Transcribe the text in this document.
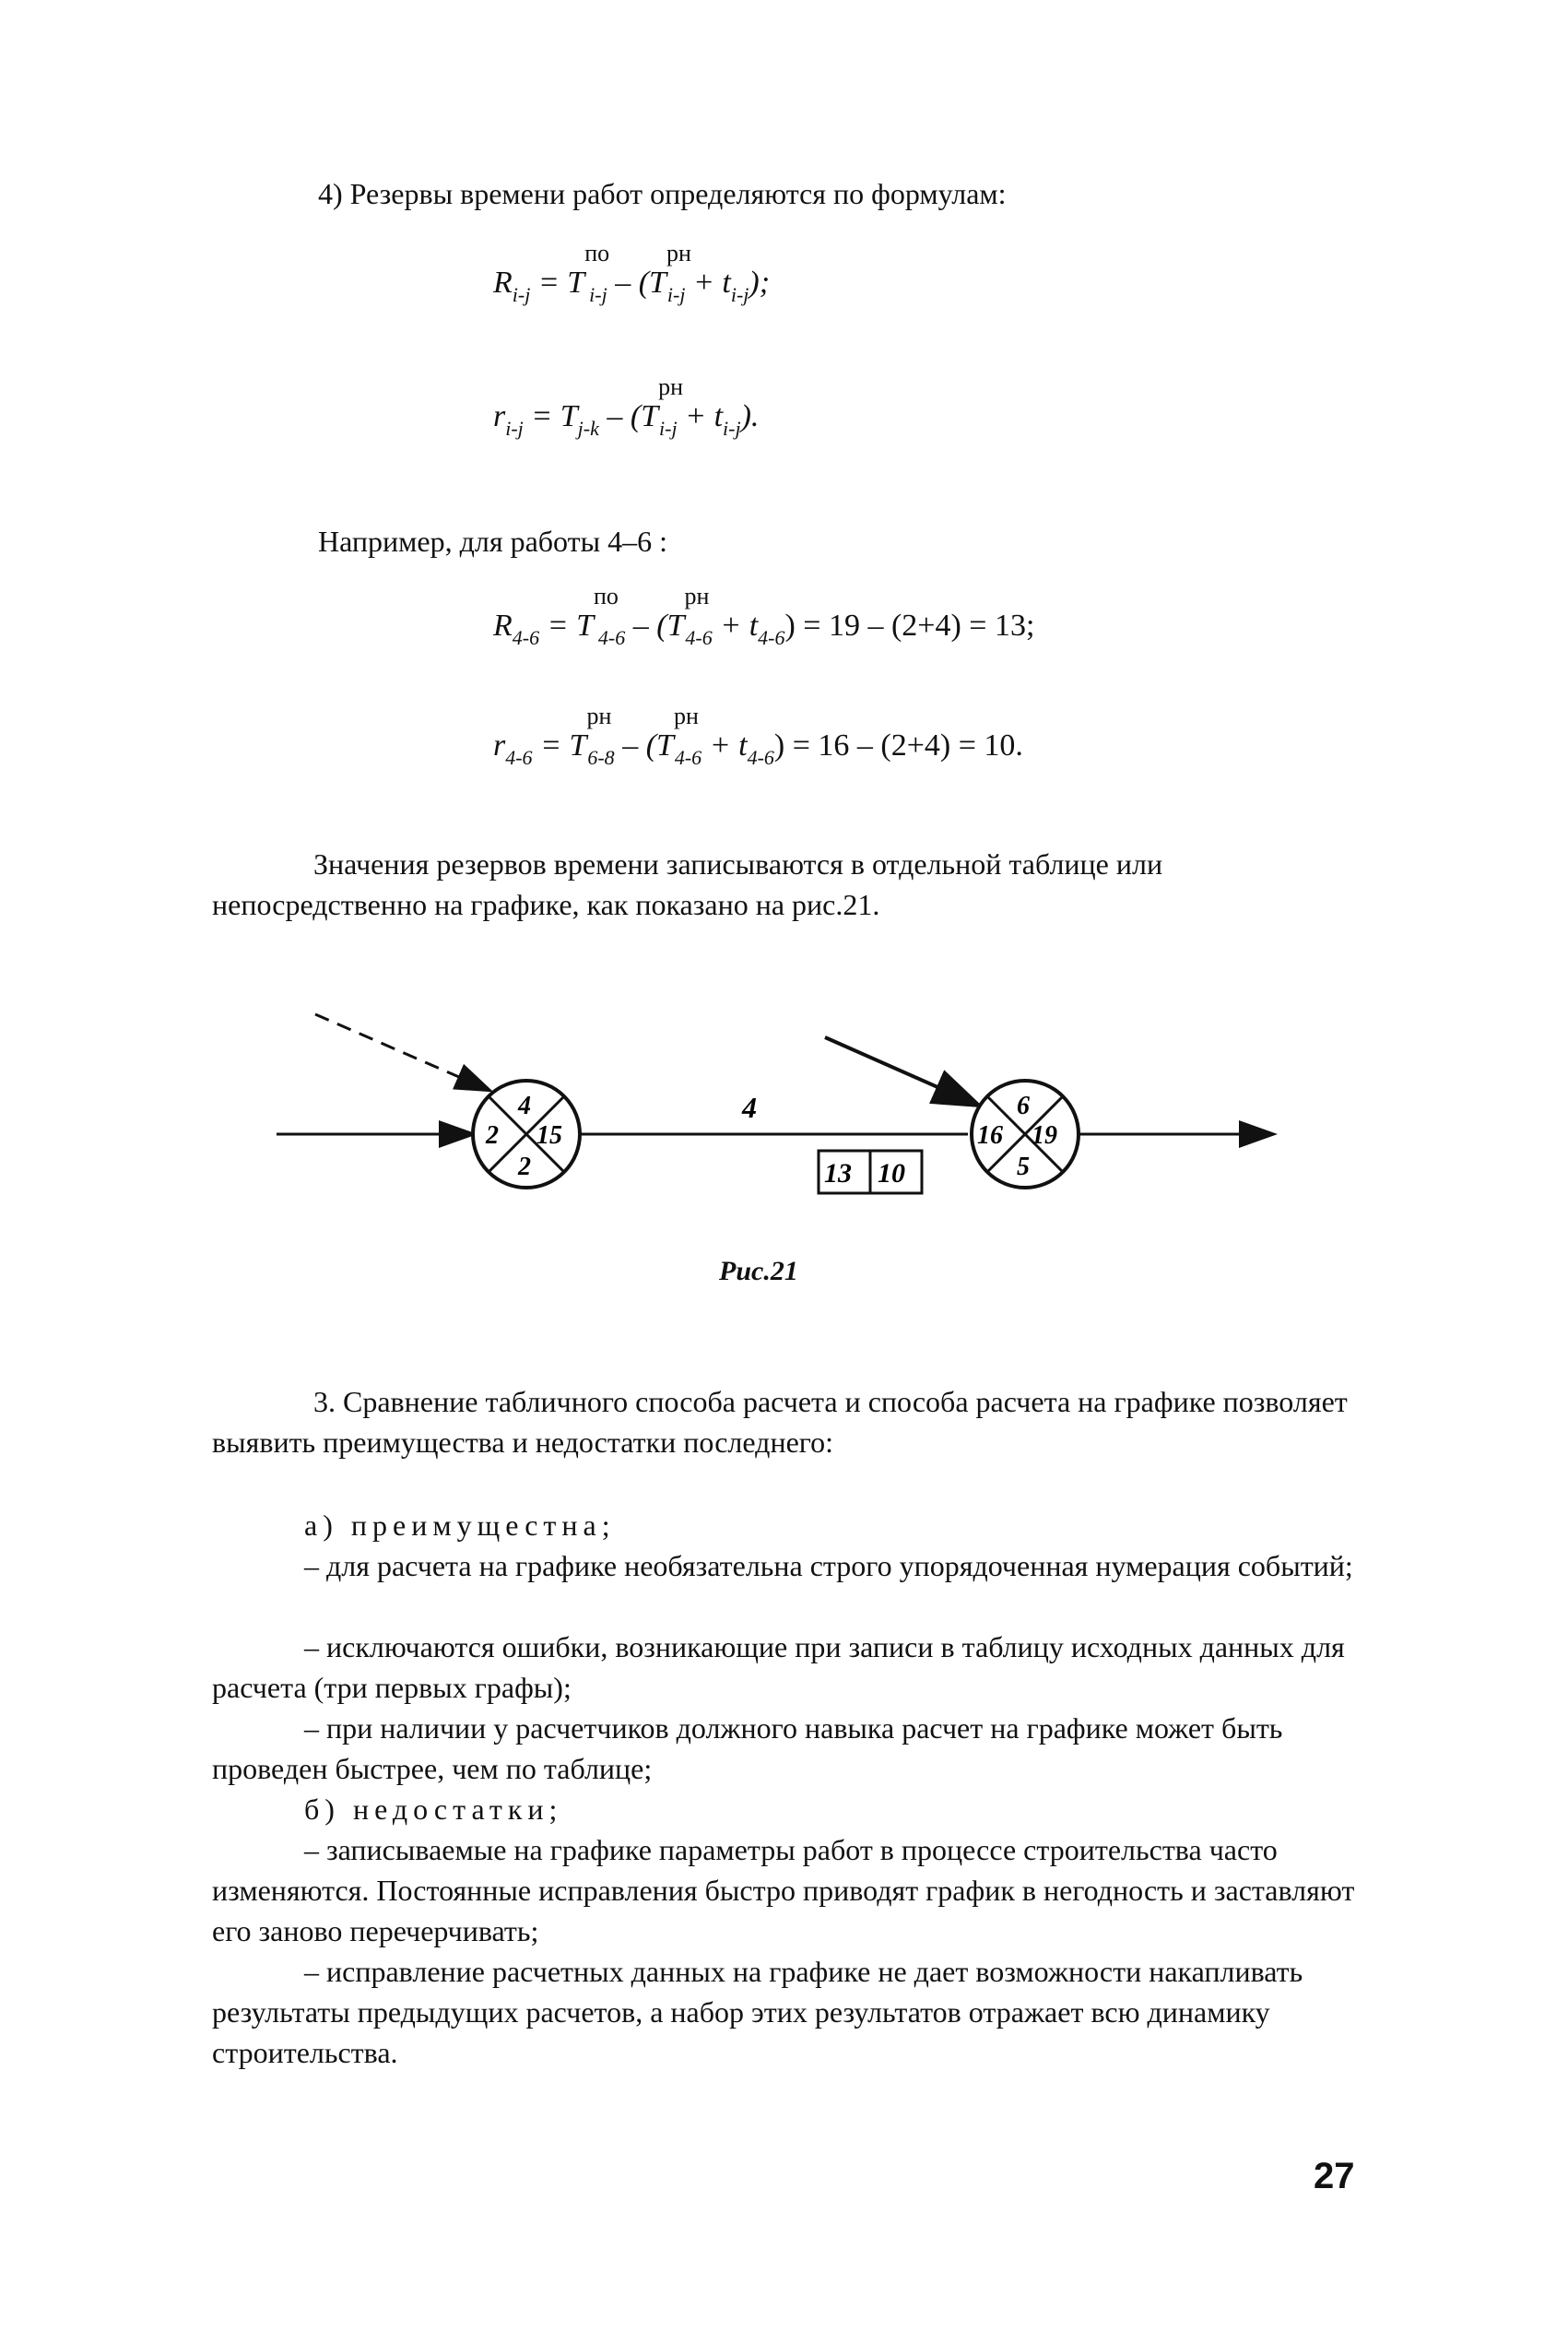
4) Резервы времени работ определяются по формулам:
$R_{i-j} = T^{по}_{i-j} - (T^{рн}_{i-j} + t_{i-j})$;
$r_{i-j} = T_{j-k} - (T^{рн}_{i-j} + t_{i-j})$.
Например, для работы 4–6 :
$R_{4-6} = T^{по}_{4-6} - (T^{рн}_{4-6} + t_{4-6}) = 19 - (2+4) = 13$;
$r_{4-6} = T^{рн}_{6-8} - (T^{рн}_{4-6} + t_{4-6}) = 16 - (2+4) = 10$.
Значения резервов времени записываются в отдельной таблице или непосредственно на графике, как показано на рис.21.
4
4
2 15
2
6
16 19
5
13 10
Рис.21
3. Сравнение табличного способа расчета и способа расчета на графике позволяет выявить преимущества и недостатки последнего:
а) преимущестна;
– для расчета на графике необязательна строго упорядоченная нумерация событий;
– исключаются ошибки, возникающие при записи в таблицу исходных данных для расчета (три первых графы);
– при наличии у расчетчиков должного навыка расчет на графике может быть проведен быстрее, чем по таблице;
б) недостатки;
– записываемые на графике параметры работ в процессе строительства часто изменяются. Постоянные исправления быстро приводят график в негодность и заставляют его заново перечерчивать;
– исправление расчетных данных на графике не дает возможности накапливать результаты предыдущих расчетов, а набор этих результатов отражает всю динамику строительства.
27
